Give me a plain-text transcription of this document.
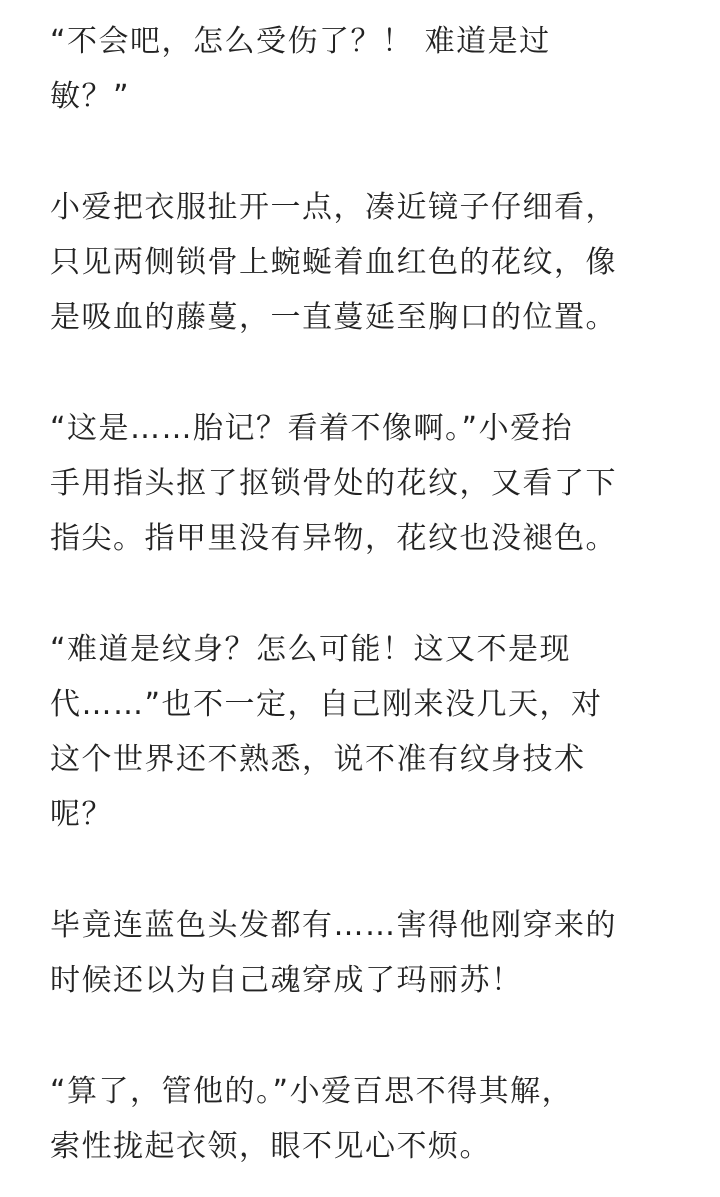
“不会吧，怎么受伤了？！ 难道是过
敏？”

小爱把衣服扯开一点，凑近镜子仔细看，
只见两侧锁骨上蜿蜒着血红色的花纹，像
是吸血的藤蔓，一直蔓延至胸口的位置。

“这是……胎记？看着不像啊。”小爱抬
手用指头抠了抠锁骨处的花纹，又看了下
指尖。指甲里没有异物，花纹也没褪色。

“难道是纹身？怎么可能！这又不是现
代……”也不一定，自己刚来没几天，对
这个世界还不熟悉，说不准有纹身技术
呢？

毕竟连蓝色头发都有……害得他刚穿来的
时候还以为自己魂穿成了玛丽苏！

“算了，管他的。”小爱百思不得其解，
索性拢起衣领，眼不见心不烦。
